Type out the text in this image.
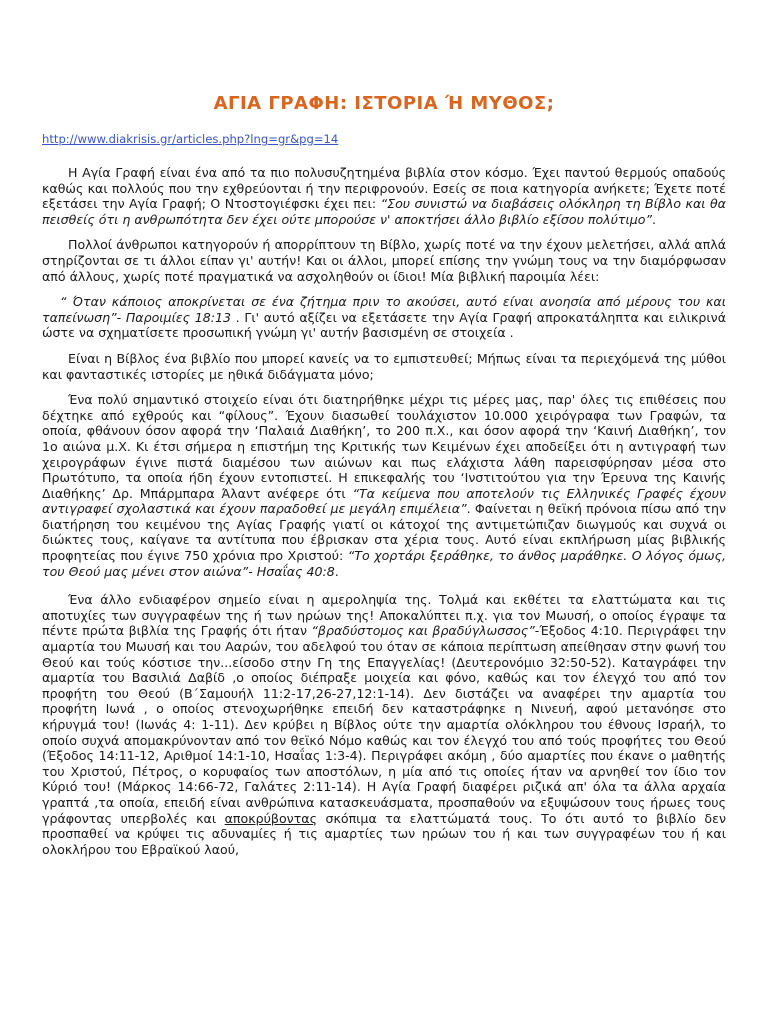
ΑΓΙΑ ΓΡΑΦΗ: ΙΣΤΟΡΙΑ Ή ΜΥΘΟΣ;
http://www.diakrisis.gr/articles.php?lng=gr&pg=14

Η Αγία Γραφή είναι ένα από τα πιο πολυσυζητημένα βιβλία στον κόσμο. Έχει παντού θερμούς οπαδούς καθώς και πολλούς που την εχθρεύονται ή την περιφρονούν. Εσείς σε ποια κατηγορία ανήκετε; Έχετε ποτέ εξετάσει την Αγία Γραφή; Ο Ντοστογιέφσκι έχει πει: “Σου συνιστώ να διαβάσεις ολόκληρη τη Βίβλο και θα πεισθείς ότι η ανθρωπότητα δεν έχει ούτε μπορούσε ν' αποκτήσει άλλο βιβλίο εξίσου πολύτιμο”.

Πολλοί άνθρωποι κατηγορούν ή απορρίπτουν τη Βίβλο, χωρίς ποτέ να την έχουν μελετήσει, αλλά απλά στηρίζονται σε τι άλλοι είπαν γι' αυτήν! Και οι άλλοι, μπορεί επίσης την γνώμη τους να την διαμόρφωσαν από άλλους, χωρίς ποτέ πραγματικά να ασχοληθούν οι ίδιοι! Μία βιβλική παροιμία λέει:

“ Όταν κάποιος αποκρίνεται σε ένα ζήτημα πριν το ακούσει, αυτό είναι ανοησία από μέρους του και ταπείνωση”- Παροιμίες 18:13 . Γι' αυτό αξίζει να εξετάσετε την Αγία Γραφή απροκατάληπτα και ειλικρινά ώστε να σχηματίσετε προσωπική γνώμη γι' αυτήν βασισμένη σε στοιχεία .

Είναι η Βίβλος ένα βιβλίο που μπορεί κανείς να το εμπιστευθεί; Μήπως είναι τα περιεχόμενά της μύθοι και φανταστικές ιστορίες με ηθικά διδάγματα μόνο;

Ένα πολύ σημαντικό στοιχείο είναι ότι διατηρήθηκε μέχρι τις μέρες μας, παρ' όλες τις επιθέσεις που δέχτηκε από εχθρούς και “φίλους”. Έχουν διασωθεί τουλάχιστον 10.000 χειρόγραφα των Γραφών, τα οποία, φθάνουν όσον αφορά την ‘Παλαιά Διαθήκη’, το 200 π.Χ., και όσον αφορά την ‘Καινή Διαθήκη’, τον 1ο αιώνα μ.Χ. Κι έτσι σήμερα η επιστήμη της Κριτικής των Κειμένων έχει αποδείξει ότι η αντιγραφή των χειρογράφων έγινε πιστά διαμέσου των αιώνων και πως ελάχιστα λάθη παρεισφύρησαν μέσα στο Πρωτότυπο, τα οποία ήδη έχουν εντοπιστεί. Η επικεφαλής του ‘Ινστιτούτου για την Έρευνα της Καινής Διαθήκης’ Δρ. Μπάρμπαρα Άλαντ ανέφερε ότι “Τα κείμενα που αποτελούν τις Ελληνικές Γραφές έχουν αντιγραφεί σχολαστικά και έχουν παραδοθεί με μεγάλη επιμέλεια”. Φαίνεται η θεϊκή πρόνοια πίσω από την διατήρηση του κειμένου της Αγίας Γραφής γιατί οι κάτοχοί της αντιμετώπιζαν διωγμούς και συχνά οι διώκτες τους, καίγανε τα αντίτυπα που έβρισκαν στα χέρια τους. Αυτό είναι εκπλήρωση μίας βιβλικής προφητείας που έγινε 750 χρόνια προ Χριστού: “Το χορτάρι ξεράθηκε, το άνθος μαράθηκε. Ο λόγος όμως, του Θεού μας μένει στον αιώνα”- Ησαΐας 40:8.

Ένα άλλο ενδιαφέρον σημείο είναι η αμεροληψία της. Τολμά και εκθέτει τα ελαττώματα και τις αποτυχίες των συγγραφέων της ή των ηρώων της! Αποκαλύπτει π.χ. για τον Μωυσή, ο οποίος έγραψε τα πέντε πρώτα βιβλία της Γραφής ότι ήταν “βραδύστομος και βραδύγλωσσος”-Έξοδος 4:10. Περιγράφει την αμαρτία του Μωυσή και του Ααρών, του αδελφού του όταν σε κάποια περίπτωση απείθησαν στην φωνή του Θεού και τούς κόστισε την...είσοδο στην Γη της Επαγγελίας! (Δευτερονόμιο 32:50-52). Καταγράφει την αμαρτία του Βασιλιά Δαβίδ ,ο οποίος διέπραξε μοιχεία και φόνο, καθώς και τον έλεγχό του από τον προφήτη του Θεού (Β΄Σαμουήλ 11:2-17,26-27,12:1-14). Δεν διστάζει να αναφέρει την αμαρτία του προφήτη Ιωνά , ο οποίος στενοχωρήθηκε επειδή δεν καταστράφηκε η Νινευή, αφού μετανόησε στο κήρυγμά του! (Ιωνάς 4: 1-11). Δεν κρύβει η Βίβλος ούτε την αμαρτία ολόκληρου του έθνους Ισραήλ, το οποίο συχνά απομακρύνονταν από τον θεϊκό Νόμο καθώς και τον έλεγχό του από τούς προφήτες του Θεού (Έξοδος 14:11-12, Αριθμοί 14:1-10, Ησαΐας 1:3-4). Περιγράφει ακόμη , δύο αμαρτίες που έκανε ο μαθητής του Χριστού, Πέτρος, ο κορυφαίος των αποστόλων, η μία από τις οποίες ήταν να αρνηθεί τον ίδιο τον Κύριό του! (Μάρκος 14:66-72, Γαλάτες 2:11-14). Η Αγία Γραφή διαφέρει ριζικά απ' όλα τα άλλα αρχαία γραπτά ,τα οποία, επειδή είναι ανθρώπινα κατασκευάσματα, προσπαθούν να εξυψώσουν τους ήρωες τους γράφοντας υπερβολές και αποκρύβοντας σκόπιμα τα ελαττώματά τους. Το ότι αυτό το βιβλίο δεν προσπαθεί να κρύψει τις αδυναμίες ή τις αμαρτίες των ηρώων του ή και των συγγραφέων του ή και ολοκλήρου του Εβραϊκού λαού,
